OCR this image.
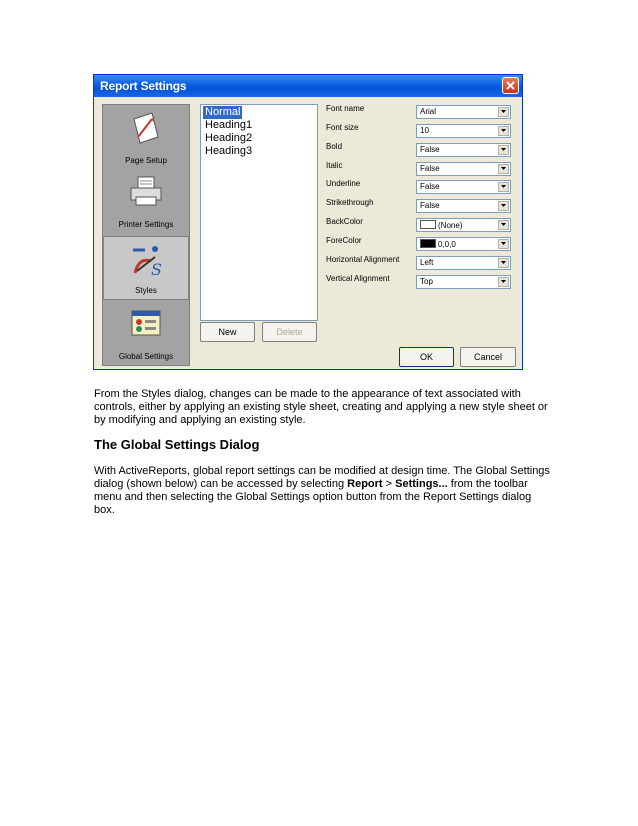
Report Settings
Page Setup
Printer Settings
S
Styles
Global Settings
Normal
Heading1
Heading2
Heading3
New	Delete
Font name
Font size
Bold
Italic
Underline
Strikethrough
BackColor
ForeColor
Horizontal Alignment
Vertical Alignment
Arial
10
False
False
False
False
(None)
0,0,0
Left
Top
OK	Cancel
From the Styles dialog, changes can be made to the appearance of text associated with controls, either by applying an existing style sheet, creating and applying a new style sheet or by modifying and applying an existing style.
The Global Settings Dialog
With ActiveReports, global report settings can be modified at design time. The Global Settings dialog (shown below) can be accessed by selecting Report > Settings... from the toolbar menu and then selecting the Global Settings option button from the Report Settings dialog box.
